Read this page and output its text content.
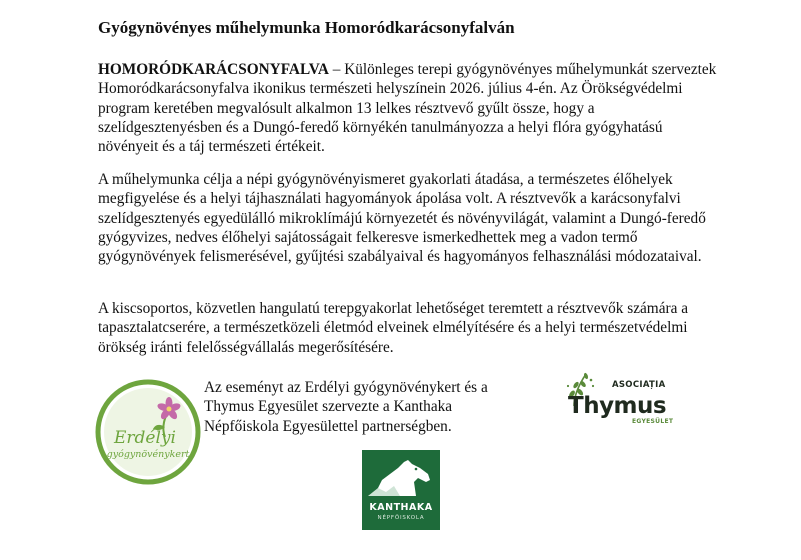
Gyógynövényes műhelymunka Homoródkarácsonyfalván

HOMORÓDKARÁCSONYFALVA – Különleges terepi gyógynövényes műhelymunkát szerveztek Homoródkarácsonyfalva ikonikus természeti helyszínein 2026. július 4-én. Az Örökségvédelmi program keretében megvalósult alkalmon 13 lelkes résztvevő gyűlt össze, hogy a szelídgesztenyésben és a Dungó-feredő környékén tanulmányozza a helyi flóra gyógyhatású növényeit és a táj természeti értékeit.

A műhelymunka célja a népi gyógynövényismeret gyakorlati átadása, a természetes élőhelyek megfigyelése és a helyi tájhasználati hagyományok ápolása volt. A résztvevők a karácsonyfalvi szelídgesztenyés egyedülálló mikroklímájú környezetét és növényvilágát, valamint a Dungó-feredő gyógyvizes, nedves élőhelyi sajátosságait felkeresve ismerkedhettek meg a vadon termő gyógynövények felismerésével, gyűjtési szabályaival és hagyományos felhasználási módozataival.

A kiscsoportos, közvetlen hangulatú terepgyakorlat lehetőséget teremtett a résztvevők számára a tapasztalatcserére, a természetközeli életmód elveinek elmélyítésére és a helyi természetvédelmi örökség iránti felelősségvállalás megerősítésére.

Erdélyi
gyógynövénykert

Az eseményt az Erdélyi gyógynövénykert és a Thymus Egyesület szervezte a Kanthaka Népfőiskola Egyesülettel partnerségben.

ASOCIAȚIA
Thymus
EGYESÜLET
KANTHAKA
NÉPFŐISKOLA
